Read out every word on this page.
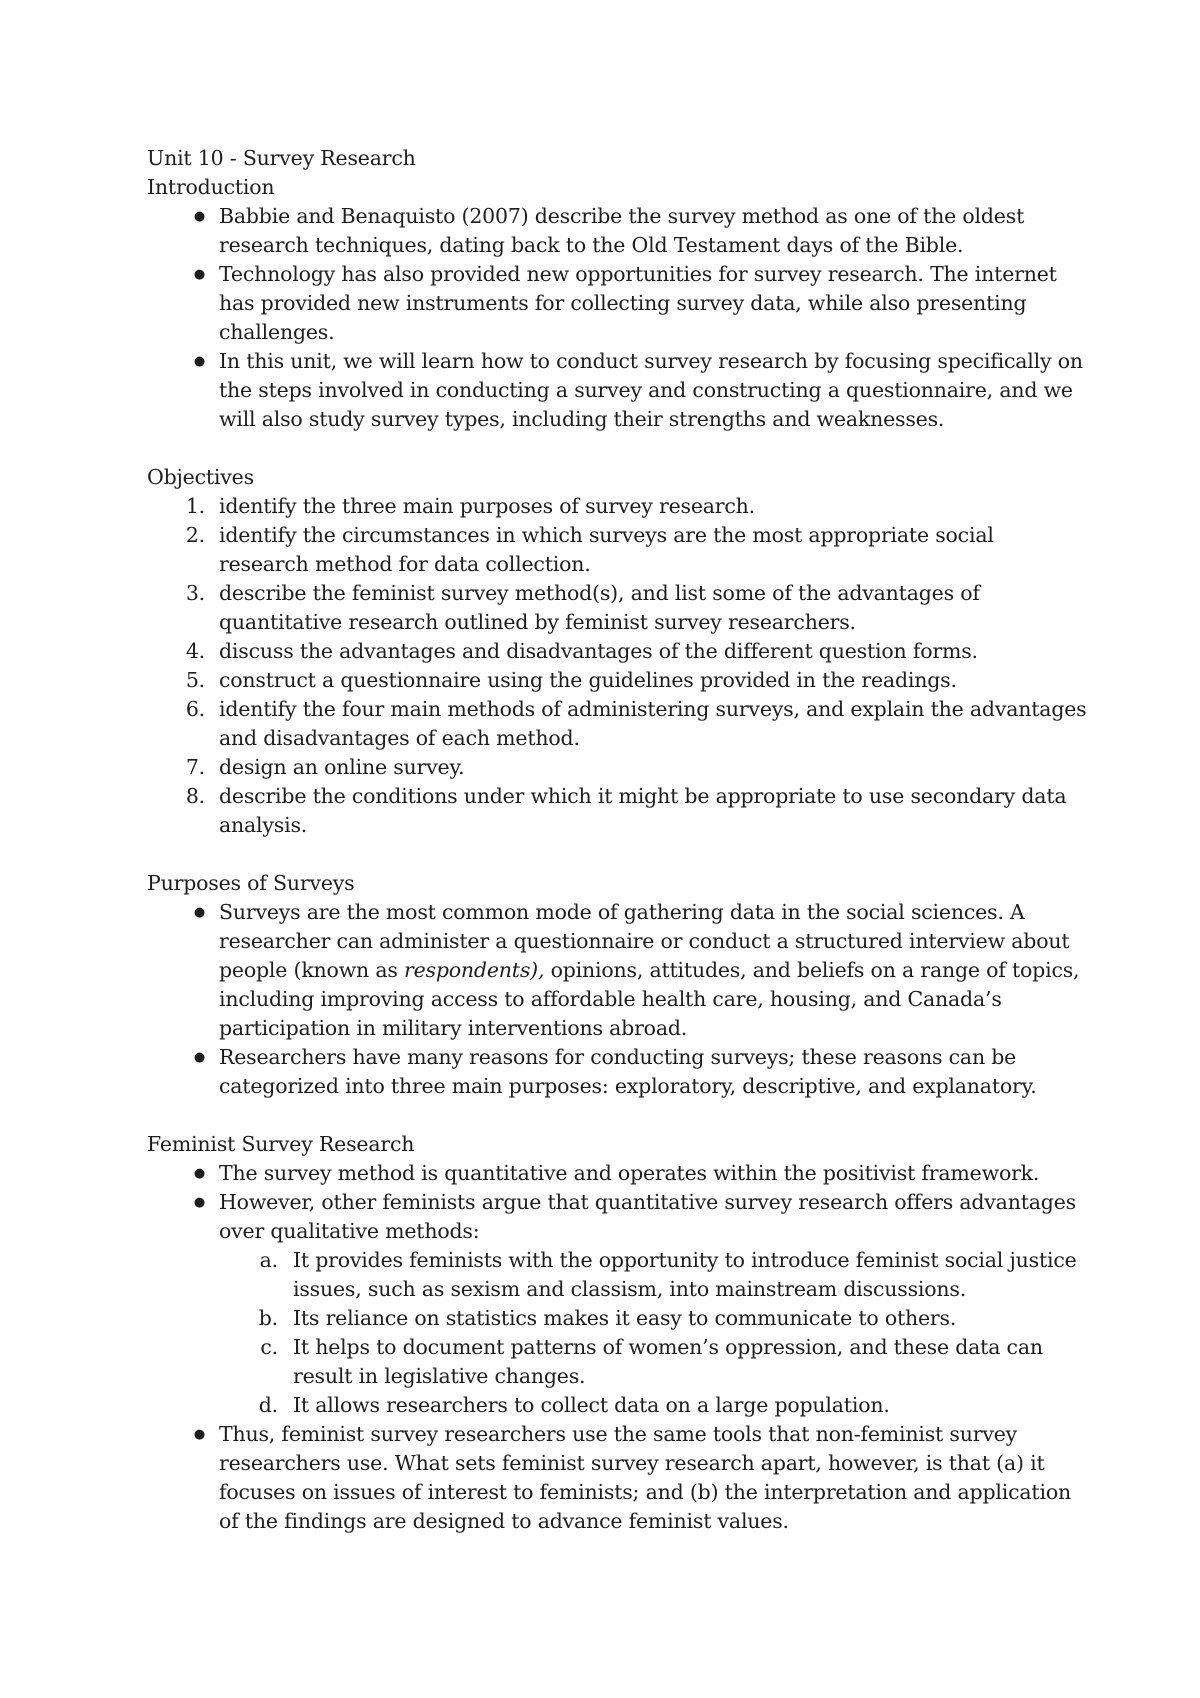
Unit 10 - Survey Research

Introduction

● Babbie and Benaquisto (2007) describe the survey method as one of the oldest research techniques, dating back to the Old Testament days of the Bible.
● Technology has also provided new opportunities for survey research. The internet has provided new instruments for collecting survey data, while also presenting challenges.
● In this unit, we will learn how to conduct survey research by focusing specifically on the steps involved in conducting a survey and constructing a questionnaire, and we will also study survey types, including their strengths and weaknesses.

Objectives

1. identify the three main purposes of survey research.
2. identify the circumstances in which surveys are the most appropriate social research method for data collection.
3. describe the feminist survey method(s), and list some of the advantages of quantitative research outlined by feminist survey researchers.
4. discuss the advantages and disadvantages of the different question forms.
5. construct a questionnaire using the guidelines provided in the readings.
6. identify the four main methods of administering surveys, and explain the advantages and disadvantages of each method.
7. design an online survey.
8. describe the conditions under which it might be appropriate to use secondary data analysis.

Purposes of Surveys

● Surveys are the most common mode of gathering data in the social sciences. A researcher can administer a questionnaire or conduct a structured interview about people (known as respondents), opinions, attitudes, and beliefs on a range of topics, including improving access to affordable health care, housing, and Canada’s participation in military interventions abroad.
● Researchers have many reasons for conducting surveys; these reasons can be categorized into three main purposes: exploratory, descriptive, and explanatory.

Feminist Survey Research

● The survey method is quantitative and operates within the positivist framework.
● However, other feminists argue that quantitative survey research offers advantages over qualitative methods:
a. It provides feminists with the opportunity to introduce feminist social justice issues, such as sexism and classism, into mainstream discussions.
b. Its reliance on statistics makes it easy to communicate to others.
c. It helps to document patterns of women’s oppression, and these data can result in legislative changes.
d. It allows researchers to collect data on a large population.
● Thus, feminist survey researchers use the same tools that non-feminist survey researchers use. What sets feminist survey research apart, however, is that (a) it focuses on issues of interest to feminists; and (b) the interpretation and application of the findings are designed to advance feminist values.
